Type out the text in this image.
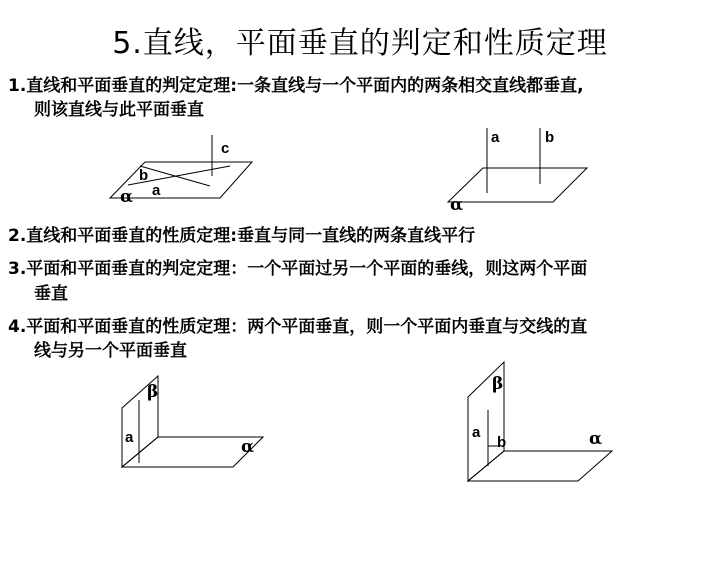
5.直线，平面垂直的判定和性质定理
1.直线和平面垂直的判定定理:一条直线与一个平面内的两条相交直线都垂直,
则该直线与此平面垂直
2.直线和平面垂直的性质定理:垂直与同一直线的两条直线平行
3.平面和平面垂直的判定定理：一个平面过另一个平面的垂线，则这两个平面
垂直
4.平面和平面垂直的性质定理：两个平面垂直，则一个平面内垂直与交线的直
线与另一个平面垂直
c
b
a
α
a	b
α
β
a	α
β
a
b	α
